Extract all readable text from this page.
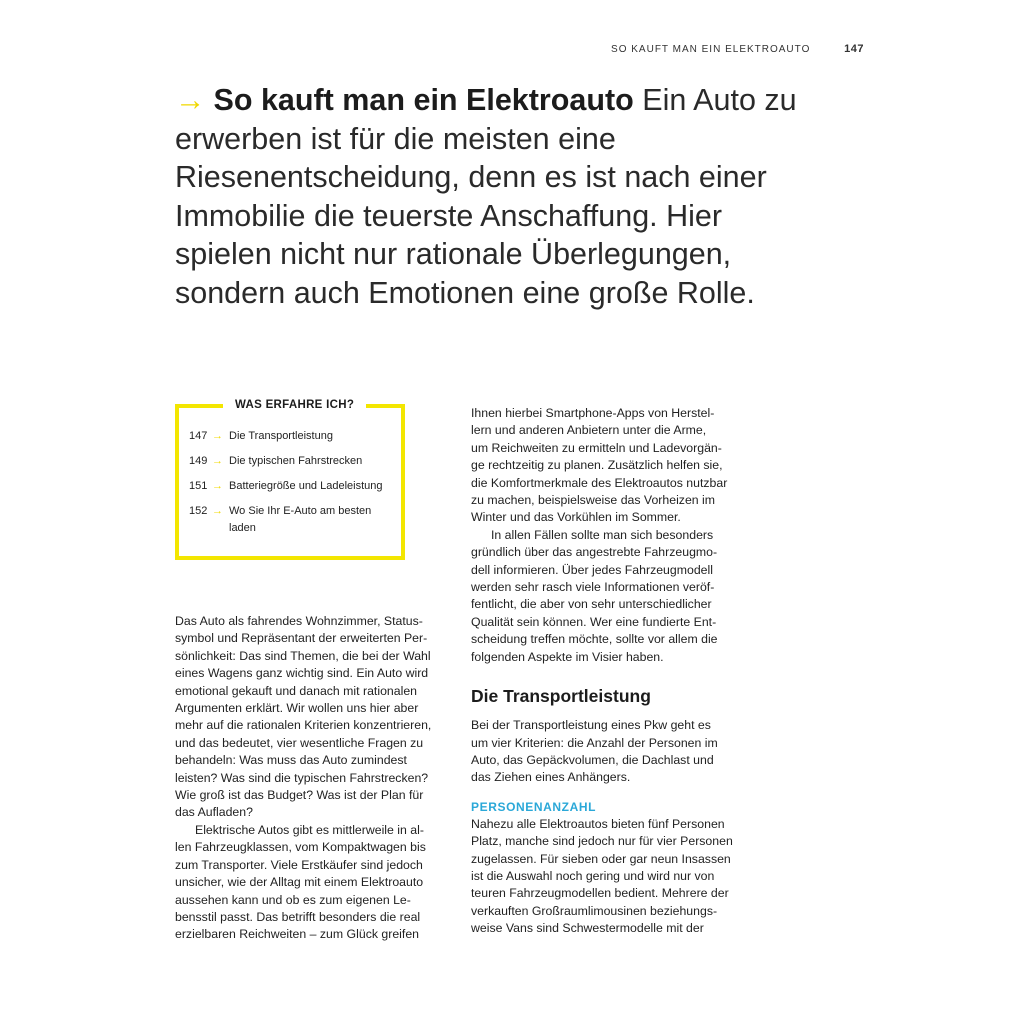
SO KAUFT MAN EIN ELEKTROAUTO	147

→ So kauft man ein Elektroauto Ein Auto zu erwerben ist für die meisten eine Riesenentscheidung, denn es ist nach einer Immobilie die teuerste Anschaffung. Hier spielen nicht nur rationale Überlegungen, sondern auch Emotionen eine große Rolle.

WAS ERFAHRE ICH?
147 → Die Transportleistung
149 → Die typischen Fahrstrecken
151 → Batteriegröße und Ladeleistung
152 → Wo Sie Ihr E-Auto am besten laden

Das Auto als fahrendes Wohnzimmer, Status-

symbol und Repräsentant der erweiterten Per-

sönlichkeit: Das sind Themen, die bei der Wahl

eines Wagens ganz wichtig sind. Ein Auto wird

emotional gekauft und danach mit rationalen

Argumenten erklärt. Wir wollen uns hier aber

mehr auf die rationalen Kriterien konzentrieren,

und das bedeutet, vier wesentliche Fragen zu

behandeln: Was muss das Auto zumindest

leisten? Was sind die typischen Fahrstrecken?

Wie groß ist das Budget? Was ist der Plan für

das Aufladen?

Elektrische Autos gibt es mittlerweile in al-

len Fahrzeugklassen, vom Kompaktwagen bis

zum Transporter. Viele Erstkäufer sind jedoch

unsicher, wie der Alltag mit einem Elektroauto

aussehen kann und ob es zum eigenen Le-

bensstil passt. Das betrifft besonders die real

erzielbaren Reichweiten – zum Glück greifen

Ihnen hierbei Smartphone-Apps von Herstel-

lern und anderen Anbietern unter die Arme,

um Reichweiten zu ermitteln und Ladevorgän-

ge rechtzeitig zu planen. Zusätzlich helfen sie,

die Komfortmerkmale des Elektroautos nutzbar

zu machen, beispielsweise das Vorheizen im

Winter und das Vorkühlen im Sommer.

In allen Fällen sollte man sich besonders

gründlich über das angestrebte Fahrzeugmo-

dell informieren. Über jedes Fahrzeugmodell

werden sehr rasch viele Informationen veröf-

fentlicht, die aber von sehr unterschiedlicher

Qualität sein können. Wer eine fundierte Ent-

scheidung treffen möchte, sollte vor allem die

folgenden Aspekte im Visier haben.

Die Transportleistung

Bei der Transportleistung eines Pkw geht es

um vier Kriterien: die Anzahl der Personen im

Auto, das Gepäckvolumen, die Dachlast und

das Ziehen eines Anhängers.

PERSONENANZAHL

Nahezu alle Elektroautos bieten fünf Personen

Platz, manche sind jedoch nur für vier Personen

zugelassen. Für sieben oder gar neun Insassen

ist die Auswahl noch gering und wird nur von

teuren Fahrzeugmodellen bedient. Mehrere der

verkauften Großraumlimousinen beziehungs-

weise Vans sind Schwestermodelle mit der
